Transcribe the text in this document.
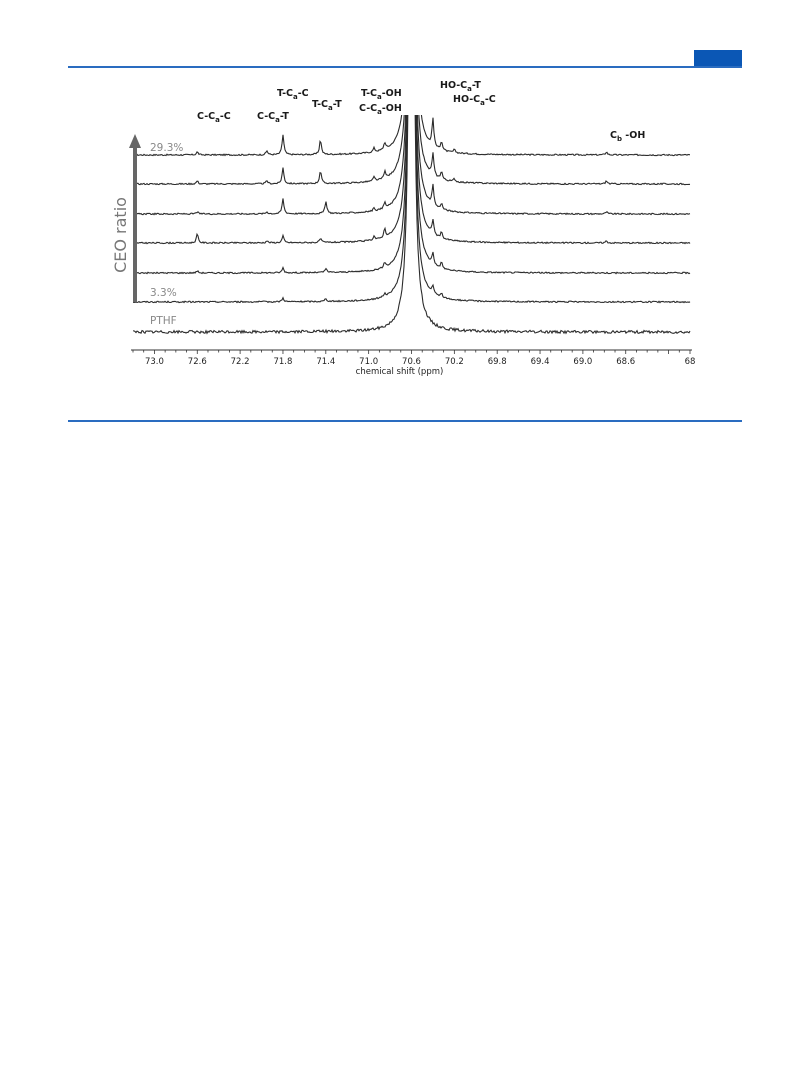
73.0	72.6	72.2	71.8	71.4	71.0	70.6	70.2	69.8	69.4	69.0	68.6	68
chemical shift (ppm)
$C-C_a-C$	$C-C_a-T$
$T-C_a-C$
$T-C_a-T$
$T-C_a-OH$
$C-C_a-OH$
$HO-C_a-T$
$HO-C_a-C$
$C_b$ -OH
CEO ratio
29.3%
3.3%
PTHF
